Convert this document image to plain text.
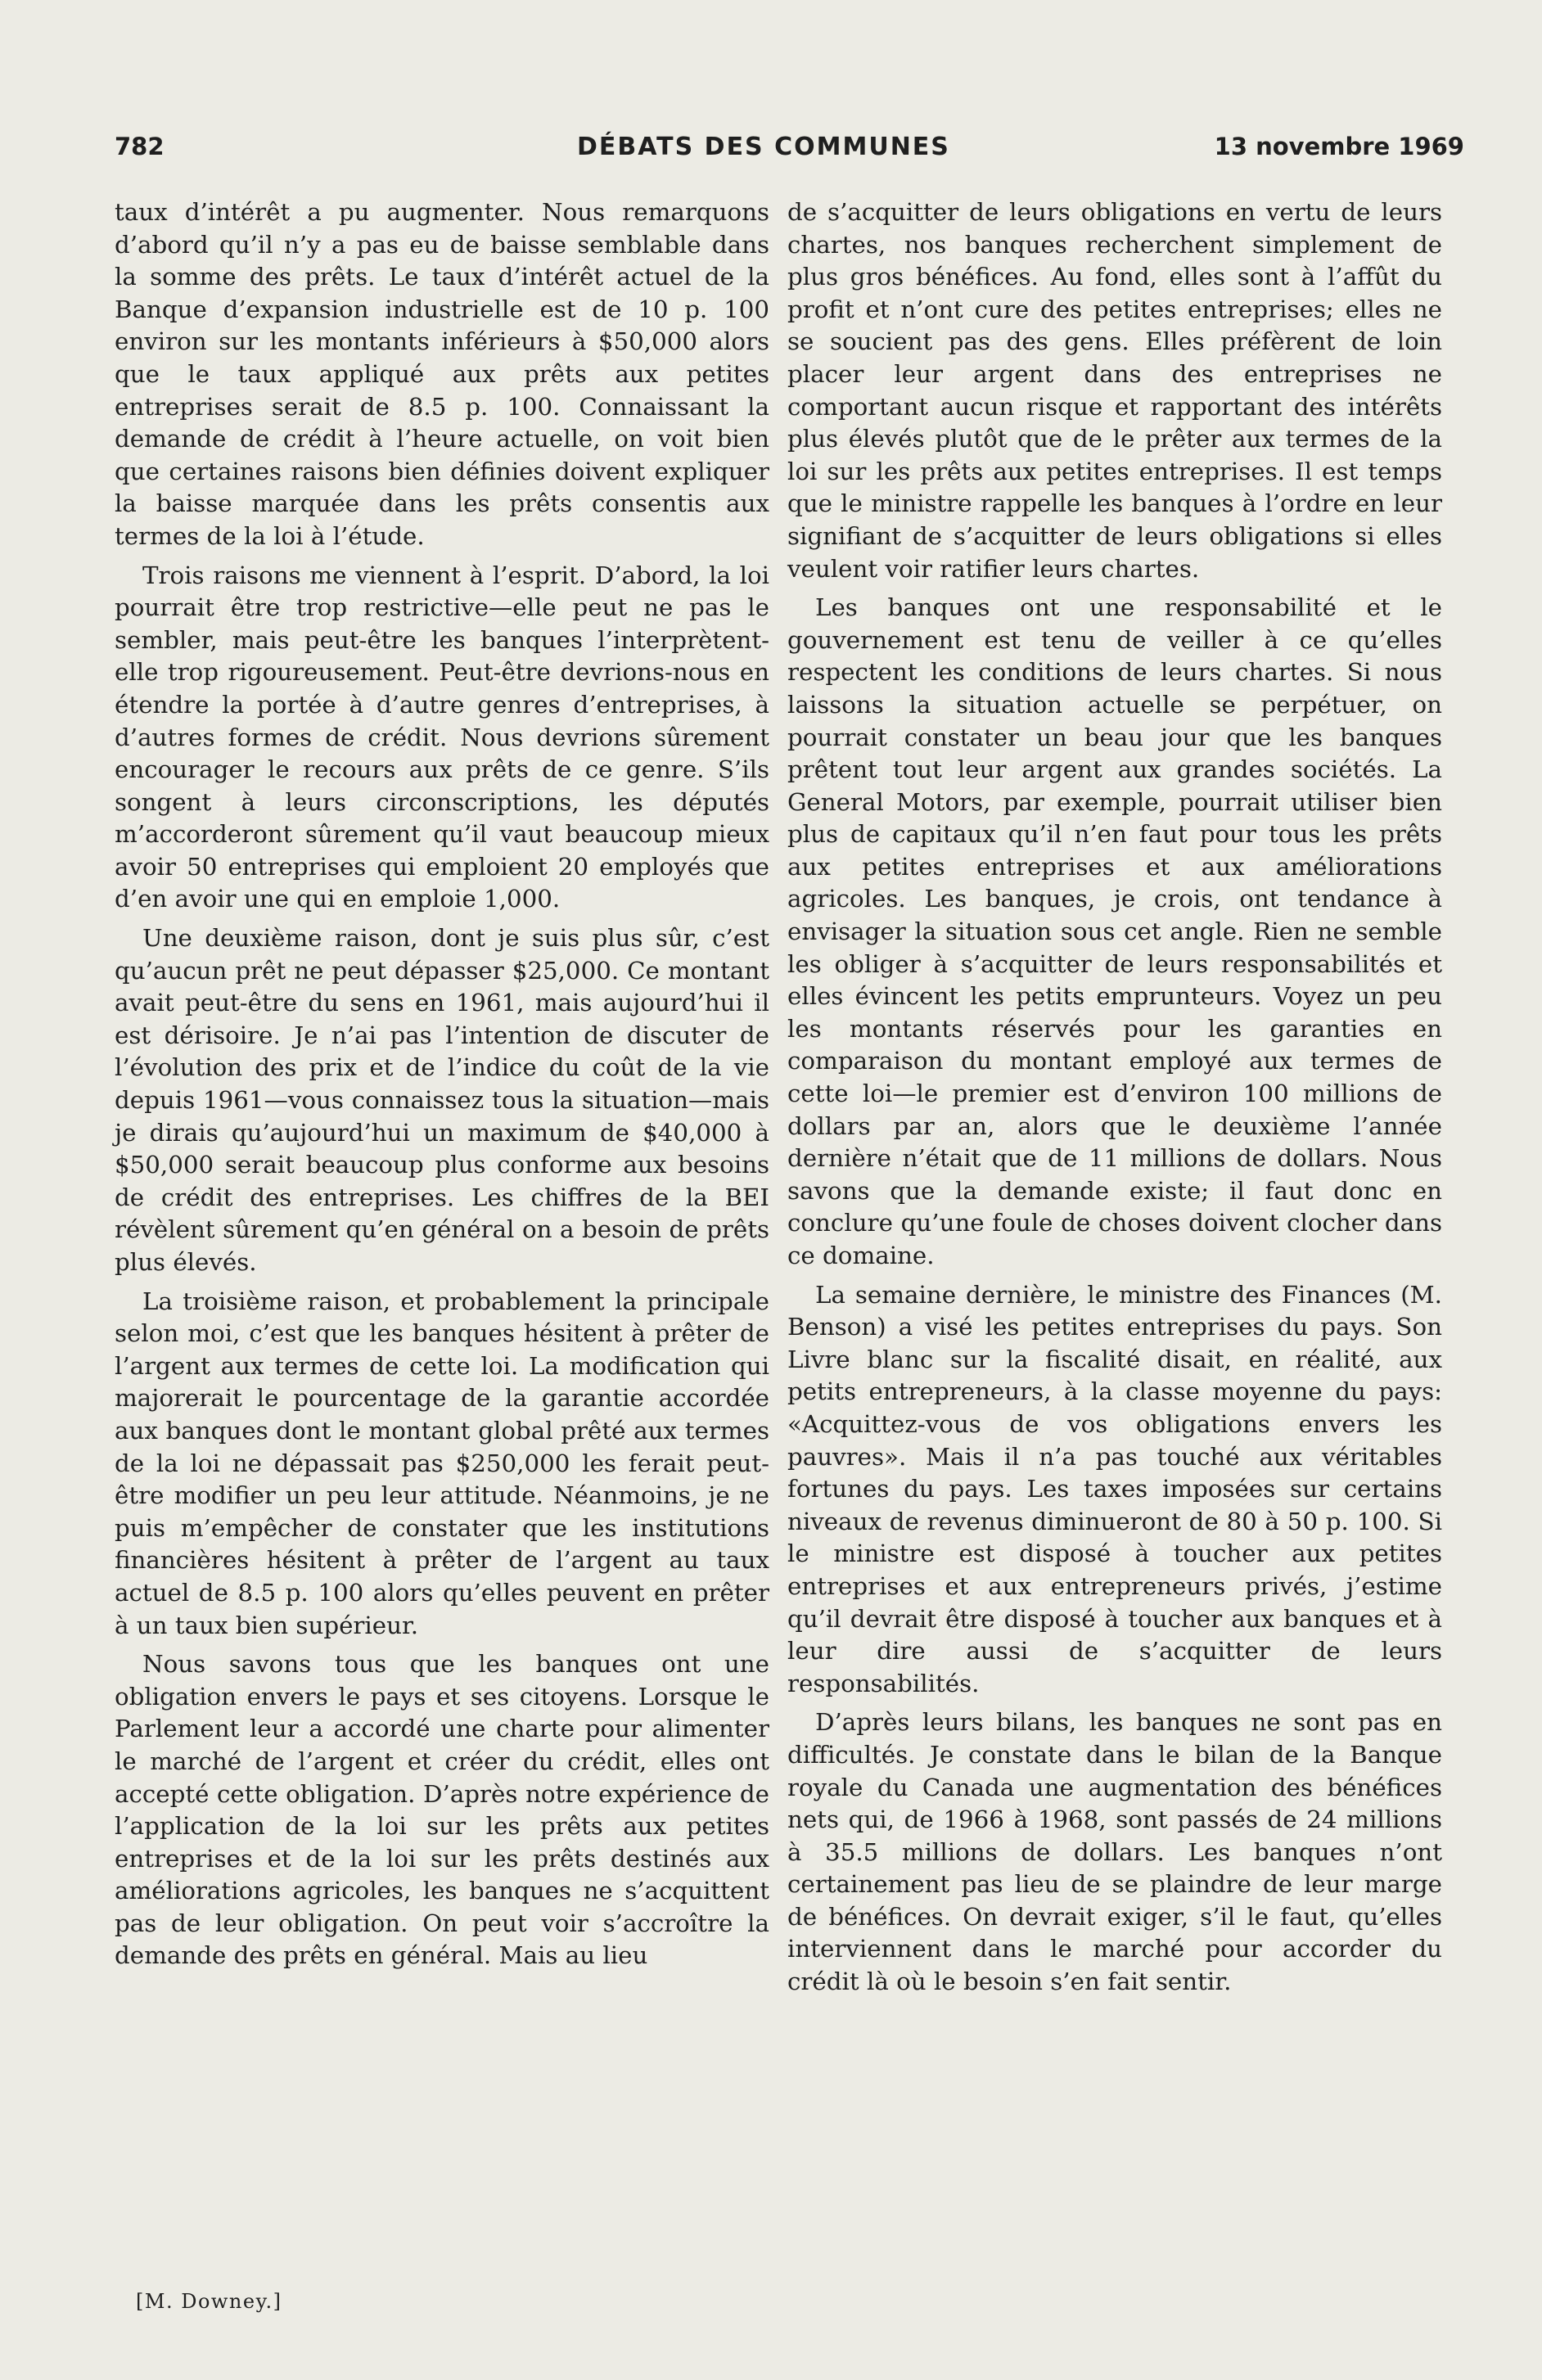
782	DÉBATS DES COMMUNES	13 novembre 1969

taux d’intérêt a pu augmenter. Nous remarquons d’abord qu’il n’y a pas eu de baisse semblable dans la somme des prêts. Le taux d’intérêt actuel de la Banque d’expansion industrielle est de 10 p. 100 environ sur les montants inférieurs à $50,000 alors que le taux appliqué aux prêts aux petites entreprises serait de 8.5 p. 100. Connaissant la demande de crédit à l’heure actuelle, on voit bien que certaines raisons bien définies doivent expliquer la baisse marquée dans les prêts consentis aux termes de la loi à l’étude.

Trois raisons me viennent à l’esprit. D’abord, la loi pourrait être trop restrictive—elle peut ne pas le sembler, mais peut-être les banques l’interprètent-elle trop rigoureusement. Peut-être devrions-nous en étendre la portée à d’autre genres d’entreprises, à d’autres formes de crédit. Nous devrions sûrement encourager le recours aux prêts de ce genre. S’ils songent à leurs circonscriptions, les députés m’accorderont sûrement qu’il vaut beaucoup mieux avoir 50 entreprises qui emploient 20 employés que d’en avoir une qui en emploie 1,000.

Une deuxième raison, dont je suis plus sûr, c’est qu’aucun prêt ne peut dépasser $25,000. Ce montant avait peut-être du sens en 1961, mais aujourd’hui il est dérisoire. Je n’ai pas l’intention de discuter de l’évolution des prix et de l’indice du coût de la vie depuis 1961—vous connaissez tous la situation—mais je dirais qu’aujourd’hui un maximum de $40,000 à $50,000 serait beaucoup plus conforme aux besoins de crédit des entreprises. Les chiffres de la BEI révèlent sûrement qu’en général on a besoin de prêts plus élevés.

La troisième raison, et probablement la principale selon moi, c’est que les banques hésitent à prêter de l’argent aux termes de cette loi. La modification qui majorerait le pourcentage de la garantie accordée aux banques dont le montant global prêté aux termes de la loi ne dépassait pas $250,000 les ferait peut-être modifier un peu leur attitude. Néanmoins, je ne puis m’empêcher de constater que les institutions financières hésitent à prêter de l’argent au taux actuel de 8.5 p. 100 alors qu’elles peuvent en prêter à un taux bien supérieur.

Nous savons tous que les banques ont une obligation envers le pays et ses citoyens. Lorsque le Parlement leur a accordé une charte pour alimenter le marché de l’argent et créer du crédit, elles ont accepté cette obligation. D’après notre expérience de l’application de la loi sur les prêts aux petites entreprises et de la loi sur les prêts destinés aux améliorations agricoles, les banques ne s’acquittent pas de leur obligation. On peut voir s’accroître la demande des prêts en général. Mais au lieu

[M. Downey.]

de s’acquitter de leurs obligations en vertu de leurs chartes, nos banques recherchent simplement de plus gros bénéfices. Au fond, elles sont à l’affût du profit et n’ont cure des petites entreprises; elles ne se soucient pas des gens. Elles préfèrent de loin placer leur argent dans des entreprises ne comportant aucun risque et rapportant des intérêts plus élevés plutôt que de le prêter aux termes de la loi sur les prêts aux petites entreprises. Il est temps que le ministre rappelle les banques à l’ordre en leur signifiant de s’acquitter de leurs obligations si elles veulent voir ratifier leurs chartes.

Les banques ont une responsabilité et le gouvernement est tenu de veiller à ce qu’elles respectent les conditions de leurs chartes. Si nous laissons la situation actuelle se perpétuer, on pourrait constater un beau jour que les banques prêtent tout leur argent aux grandes sociétés. La General Motors, par exemple, pourrait utiliser bien plus de capitaux qu’il n’en faut pour tous les prêts aux petites entreprises et aux améliorations agricoles. Les banques, je crois, ont tendance à envisager la situation sous cet angle. Rien ne semble les obliger à s’acquitter de leurs responsabilités et elles évincent les petits emprunteurs. Voyez un peu les montants réservés pour les garanties en comparaison du montant employé aux termes de cette loi—le premier est d’environ 100 millions de dollars par an, alors que le deuxième l’année dernière n’était que de 11 millions de dollars. Nous savons que la demande existe; il faut donc en conclure qu’une foule de choses doivent clocher dans ce domaine.

La semaine dernière, le ministre des Finances (M. Benson) a visé les petites entreprises du pays. Son Livre blanc sur la fiscalité disait, en réalité, aux petits entrepreneurs, à la classe moyenne du pays: «Acquittez-vous de vos obligations envers les pauvres». Mais il n’a pas touché aux véritables fortunes du pays. Les taxes imposées sur certains niveaux de revenus diminueront de 80 à 50 p. 100. Si le ministre est disposé à toucher aux petites entreprises et aux entrepreneurs privés, j’estime qu’il devrait être disposé à toucher aux banques et à leur dire aussi de s’acquitter de leurs responsabilités.

D’après leurs bilans, les banques ne sont pas en difficultés. Je constate dans le bilan de la Banque royale du Canada une augmentation des bénéfices nets qui, de 1966 à 1968, sont passés de 24 millions à 35.5 millions de dollars. Les banques n’ont certainement pas lieu de se plaindre de leur marge de bénéfices. On devrait exiger, s’il le faut, qu’elles interviennent dans le marché pour accorder du crédit là où le besoin s’en fait sentir.
